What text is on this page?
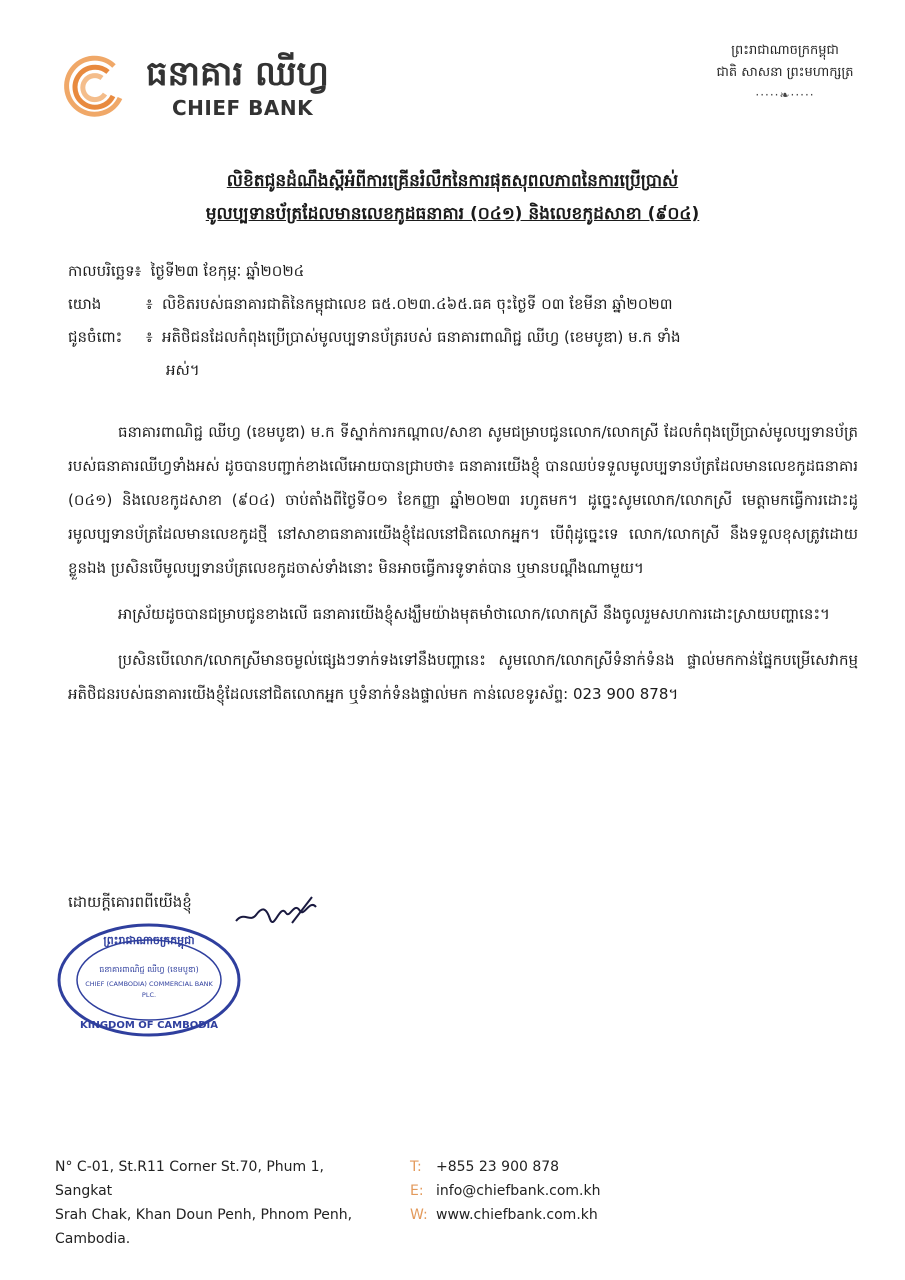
ធនាគារ ឈីហ្វ
CHIEF BANK
ព្រះរាជាណាចក្រកម្ពុជា
ជាតិ សាសនា ព្រះមហាក្សត្រ
·····❧·····
លិខិតជូនដំណឹងស្តីអំពីការគ្រើនរំលឹកនៃការផុតសុពលភាពនៃការប្រើប្រាស់
មូលប្បទានប័ត្រដែលមានលេខកូដធនាគារ (០៤១) និងលេខកូដសាខា (៩០៤)
កាលបរិច្ឆេទ ៖ ថ្ងៃទី២៣ ខែកុម្ភៈ ឆ្នាំ២០២៤
យោង	៖ លិខិតរបស់ធនាគារជាតិនៃកម្ពុជាលេខ ធ៥.០២៣.៤៦៥.ធគ ចុះថ្ងៃទី ០៣ ខែមីនា ឆ្នាំ២០២៣
ជូនចំពោះ	៖ អតិថិជនដែលកំពុងប្រើប្រាស់មូលប្បទានប័ត្ររបស់ ធនាគារពាណិជ្ជ ឈីហ្វ (ខេមបូឌា) ម.ក ទាំង
អស់។

ធនាគារពាណិជ្ជ ឈីហ្វ (ខេមបូឌា) ម.ក ទីស្នាក់ការកណ្តាល/សាខា សូមជម្រាបជូនលោក/លោកស្រី ដែលកំពុងប្រើប្រាស់មូលប្បទានប័ត្ររបស់ធនាគារឈីហ្វទាំងអស់ ដូចបានបញ្ជាក់ខាងលើអោយបានជ្រាបថា៖ ធនាគារយើងខ្ញុំ បានឈប់ទទួលមូលប្បទានប័ត្រដែលមានលេខកូដធនាគារ (០៤១) និងលេខកូដសាខា (៩០៤) ចាប់តាំងពីថ្ងៃទី០១ ខែកញ្ញា ឆ្នាំ២០២៣ រហូតមក។ ដូច្នេះសូមលោក/លោកស្រី មេត្តាមកធ្វើការដោះដូរមូលប្បទានប័ត្រដែលមានលេខកូដថ្មី នៅសាខាធនាគារយើងខ្ញុំដែលនៅជិតលោកអ្នក។ បើពុំដូច្នេះទេ លោក/លោកស្រី នឹងទទួលខុសត្រូវដោយខ្លួនឯង ប្រសិនបើមូលប្បទានប័ត្រលេខកូដចាស់ទាំងនោះ មិនអាចធ្វើការទូទាត់បាន ឬមានបណ្តឹងណាមួយ។

អាស្រ័យដូចបានជម្រាបជូនខាងលើ ធនាគារយើងខ្ញុំសង្ឃឹមយ៉ាងមុតមាំថាលោក/លោកស្រី នឹងចូលរួមសហការដោះស្រាយបញ្ហានេះ។

ប្រសិនបើលោក/លោកស្រីមានចម្ងល់ផ្សេងៗទាក់ទងទៅនឹងបញ្ហានេះ សូមលោក/លោកស្រីទំនាក់ទំនង ផ្ទាល់មកកាន់ផ្នែកបម្រើសេវាកម្មអតិថិជនរបស់ធនាគារយើងខ្ញុំដែលនៅជិតលោកអ្នក ឬទំនាក់ទំនងផ្ទាល់មក កាន់លេខទូរស័ព្ទ: 023 900 878។

ដោយក្តីគោរពពីយើងខ្ញុំ
ព្រះរាជាណាចក្រកម្ពុជា
ធនាគារពាណិជ្ជ ឈីហ្វ (ខេមបូឌា)
CHIEF (CAMBODIA) COMMERCIAL BANK
PLC.
KINGDOM OF CAMBODIA
N° C-01, St.R11 Corner St.70, Phum 1, Sangkat
Srah Chak, Khan Doun Penh, Phnom Penh,
Cambodia.
T:	+855 23 900 878
E: info@chiefbank.com.kh
W: www.chiefbank.com.kh
